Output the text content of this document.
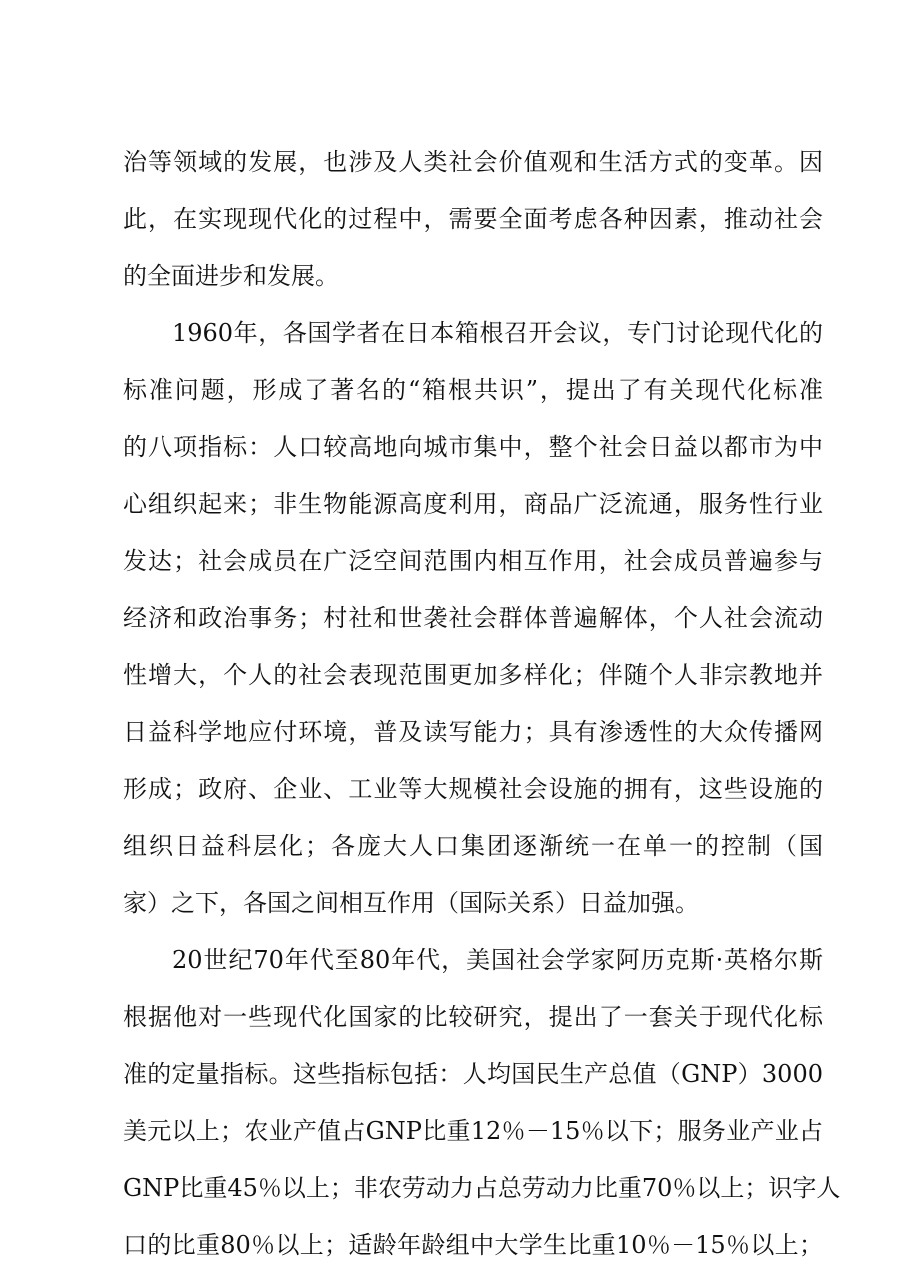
治等领域的发展，也涉及人类社会价值观和生活方式的变革。因
此，在实现现代化的过程中，需要全面考虑各种因素，推动社会
的全面进步和发展。
1960年，各国学者在日本箱根召开会议，专门讨论现代化的
标准问题，形成了著名的“箱根共识”，提出了有关现代化标准
的八项指标：人口较高地向城市集中，整个社会日益以都市为中
心组织起来；非生物能源高度利用，商品广泛流通，服务性行业
发达；社会成员在广泛空间范围内相互作用，社会成员普遍参与
经济和政治事务；村社和世袭社会群体普遍解体，个人社会流动
性增大，个人的社会表现范围更加多样化；伴随个人非宗教地并
日益科学地应付环境，普及读写能力；具有渗透性的大众传播网
形成；政府、企业、工业等大规模社会设施的拥有，这些设施的
组织日益科层化；各庞大人口集团逐渐统一在单一的控制（国
家）之下，各国之间相互作用（国际关系）日益加强。
20世纪70年代至80年代，美国社会学家阿历克斯·英格尔斯
根据他对一些现代化国家的比较研究，提出了一套关于现代化标
准的定量指标。这些指标包括：人均国民生产总值（GNP）3000
美元以上；农业产值占GNP比重12％－15％以下；服务业产业占
GNP比重45％以上；非农劳动力占总劳动力比重70％以上；识字人
口的比重80％以上；适龄年龄组中大学生比重10％－15％以上；
